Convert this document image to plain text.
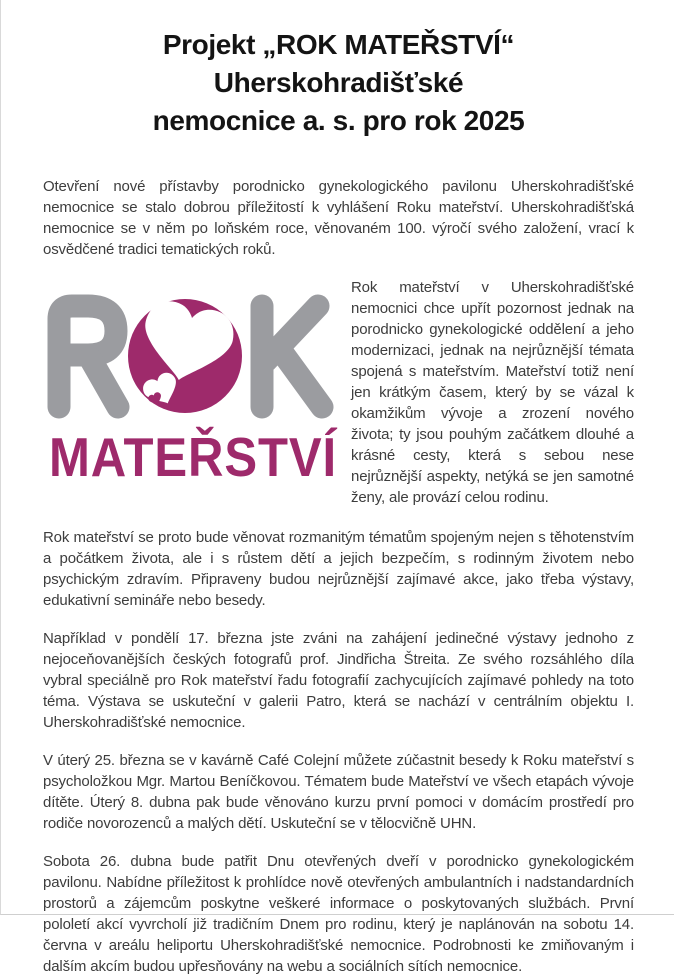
Projekt „ROK MATEŘSTVÍ“ Uherskohradišťské
nemocnice a. s. pro rok 2025

Otevření nové přístavby porodnicko gynekologického pavilonu Uherskohradišťské nemocnice se stalo dobrou příležitostí k vyhlášení Roku mateřství. Uherskohradišťská nemocnice se v něm po loňském roce, věnovaném 100. výročí svého založení, vrací k osvědčené tradici tematických roků.

MATEŘSTVÍ

Rok mateřství v Uherskohradišťské nemocnici chce upřít pozornost jednak na porodnicko gynekologické oddělení a jeho modernizaci, jednak na nejrůznější témata spojená s mateřstvím. Mateřství totiž není jen krátkým časem, který by se vázal k okamžikům vývoje a zrození nového života; ty jsou pouhým začátkem dlouhé a krásné cesty, která s sebou nese nejrůznější aspekty, netýká se jen samotné ženy, ale provází celou rodinu.

Rok mateřství se proto bude věnovat rozmanitým tématům spojeným nejen s těhotenstvím a počátkem života, ale i s růstem dětí a jejich bezpečím, s rodinným životem nebo psychickým zdravím. Připraveny budou nejrůznější zajímavé akce, jako třeba výstavy, edukativní semináře nebo besedy.

Například v pondělí 17. března jste zváni na zahájení jedinečné výstavy jednoho z nejoceňovanějších českých fotografů prof. Jindřicha Štreita. Ze svého rozsáhlého díla vybral speciálně pro Rok mateřství řadu fotografií zachycujících zajímavé pohledy na toto téma. Výstava se uskuteční v galerii Patro, která se nachází v centrálním objektu I. Uherskohradišťské nemocnice.

V úterý 25. března se v kavárně Café Colejní můžete zúčastnit besedy k Roku mateřství s psycholožkou Mgr. Martou Beníčkovou. Tématem bude Mateřství ve všech etapách vývoje dítěte. Úterý 8. dubna pak bude věnováno kurzu první pomoci v domácím prostředí pro rodiče novorozenců a malých dětí. Uskuteční se v tělocvičně UHN.

Sobota 26. dubna bude patřit Dnu otevřených dveří v porodnicko gynekologickém pavilonu. Nabídne příležitost k prohlídce nově otevřených ambulantních i nadstandardních prostorů a zájemcům poskytne veškeré informace o poskytovaných službách. První pololetí akcí vyvrcholí již tradičním Dnem pro rodinu, který je naplánován na sobotu 14. června v areálu heliportu Uherskohradišťské nemocnice. Podrobnosti ke zmiňovaným i dalším akcím budou upřesňovány na webu a sociálních sítích nemocnice.
